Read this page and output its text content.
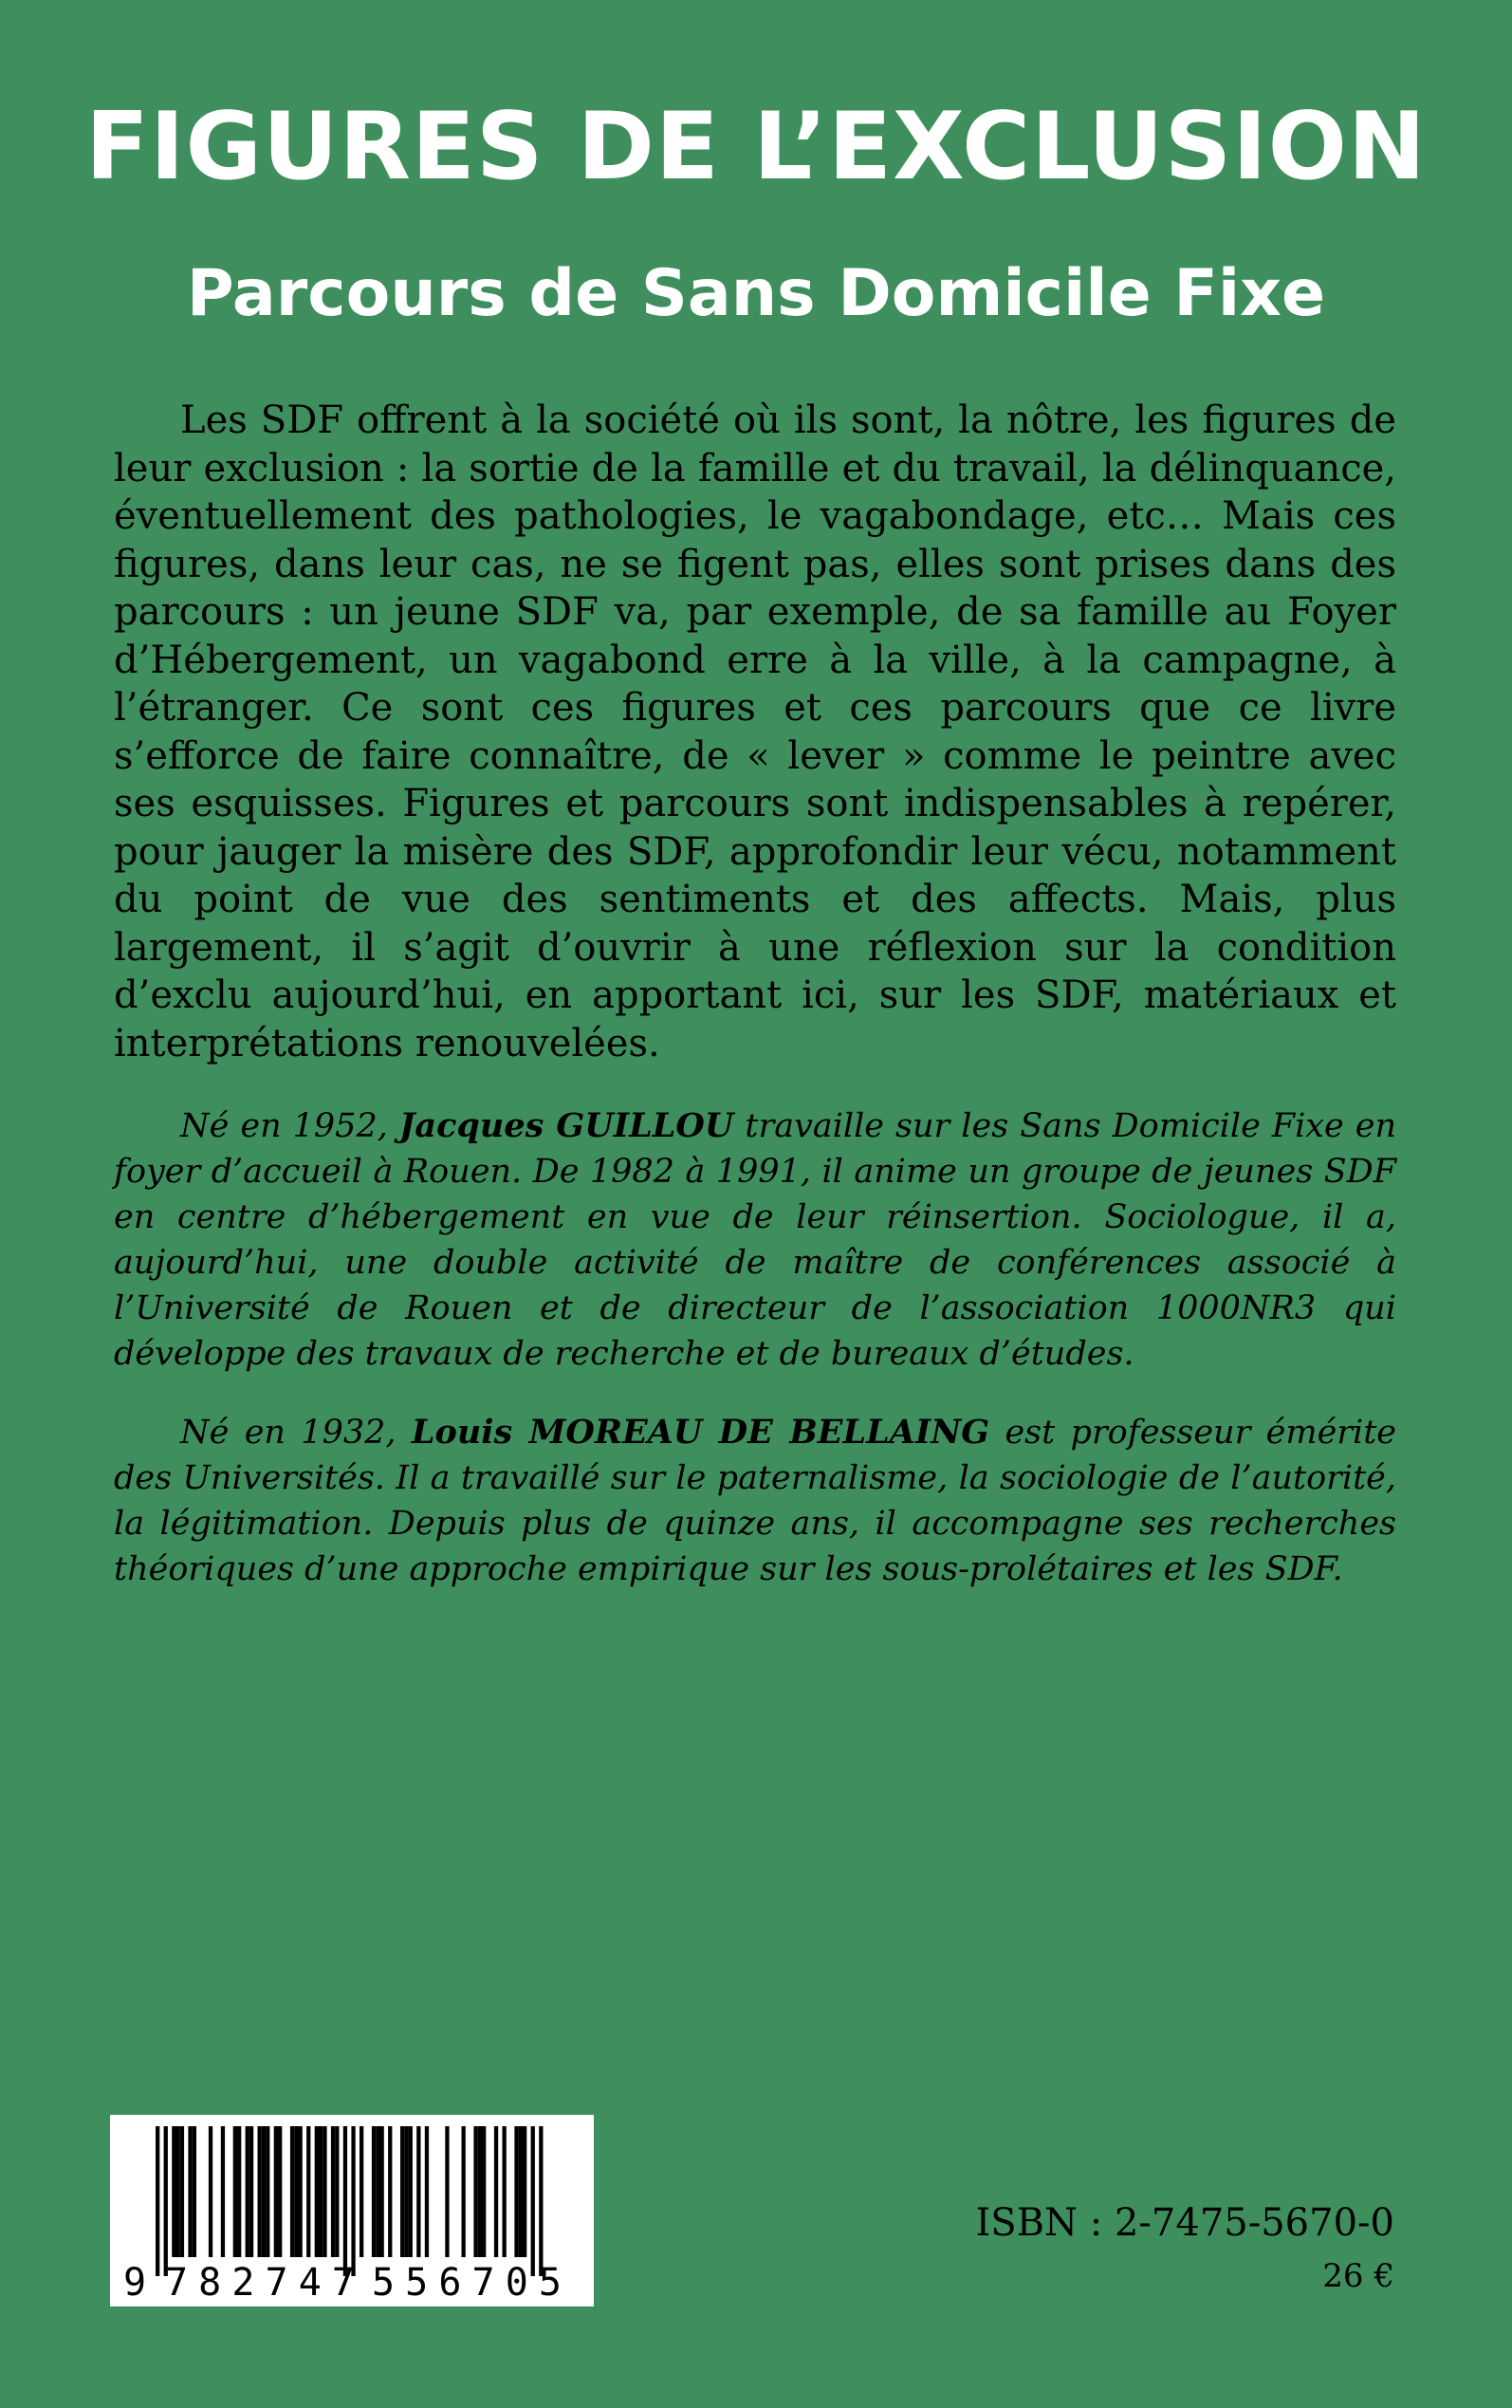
FIGURES DE L’EXCLUSION
Parcours de Sans Domicile Fixe

Les SDF offrent à la société où ils sont, la nôtre, les figures de leur exclusion : la sortie de la famille et du travail, la délinquance, éventuellement des pathologies, le vagabondage, etc… Mais ces figures, dans leur cas, ne se figent pas, elles sont prises dans des parcours : un jeune SDF va, par exemple, de sa famille au Foyer d’Hébergement, un vagabond erre à la ville, à la campagne, à l’étranger. Ce sont ces figures et ces parcours que ce livre s’efforce de faire connaître, de « lever » comme le peintre avec ses esquisses. Figures et parcours sont indispensables à repérer, pour jauger la misère des SDF, approfondir leur vécu, notamment du point de vue des sentiments et des affects. Mais, plus largement, il s’agit d’ouvrir à une réflexion sur la condition d’exclu aujourd’hui, en apportant ici, sur les SDF, matériaux et interprétations renouvelées.

Né en 1952, Jacques GUILLOU travaille sur les Sans Domicile Fixe en foyer d’accueil à Rouen. De 1982 à 1991, il anime un groupe de jeunes SDF en centre d’hébergement en vue de leur réinsertion. Sociologue, il a, aujourd’hui, une double activité de maître de conférences associé à l’Université de Rouen et de directeur de l’association 1000NR3 qui développe des travaux de recherche et de bureaux d’études.

Né en 1932, Louis MOREAU DE BELLAING est professeur émérite des Universités. Il a travaillé sur le paternalisme, la sociologie de l’autorité, la légitimation. Depuis plus de quinze ans, il accompagne ses recherches théoriques d’une approche empirique sur les sous-prolétaires et les SDF.

9 782747 556705

ISBN : 2-7475-5670-0

26 €
